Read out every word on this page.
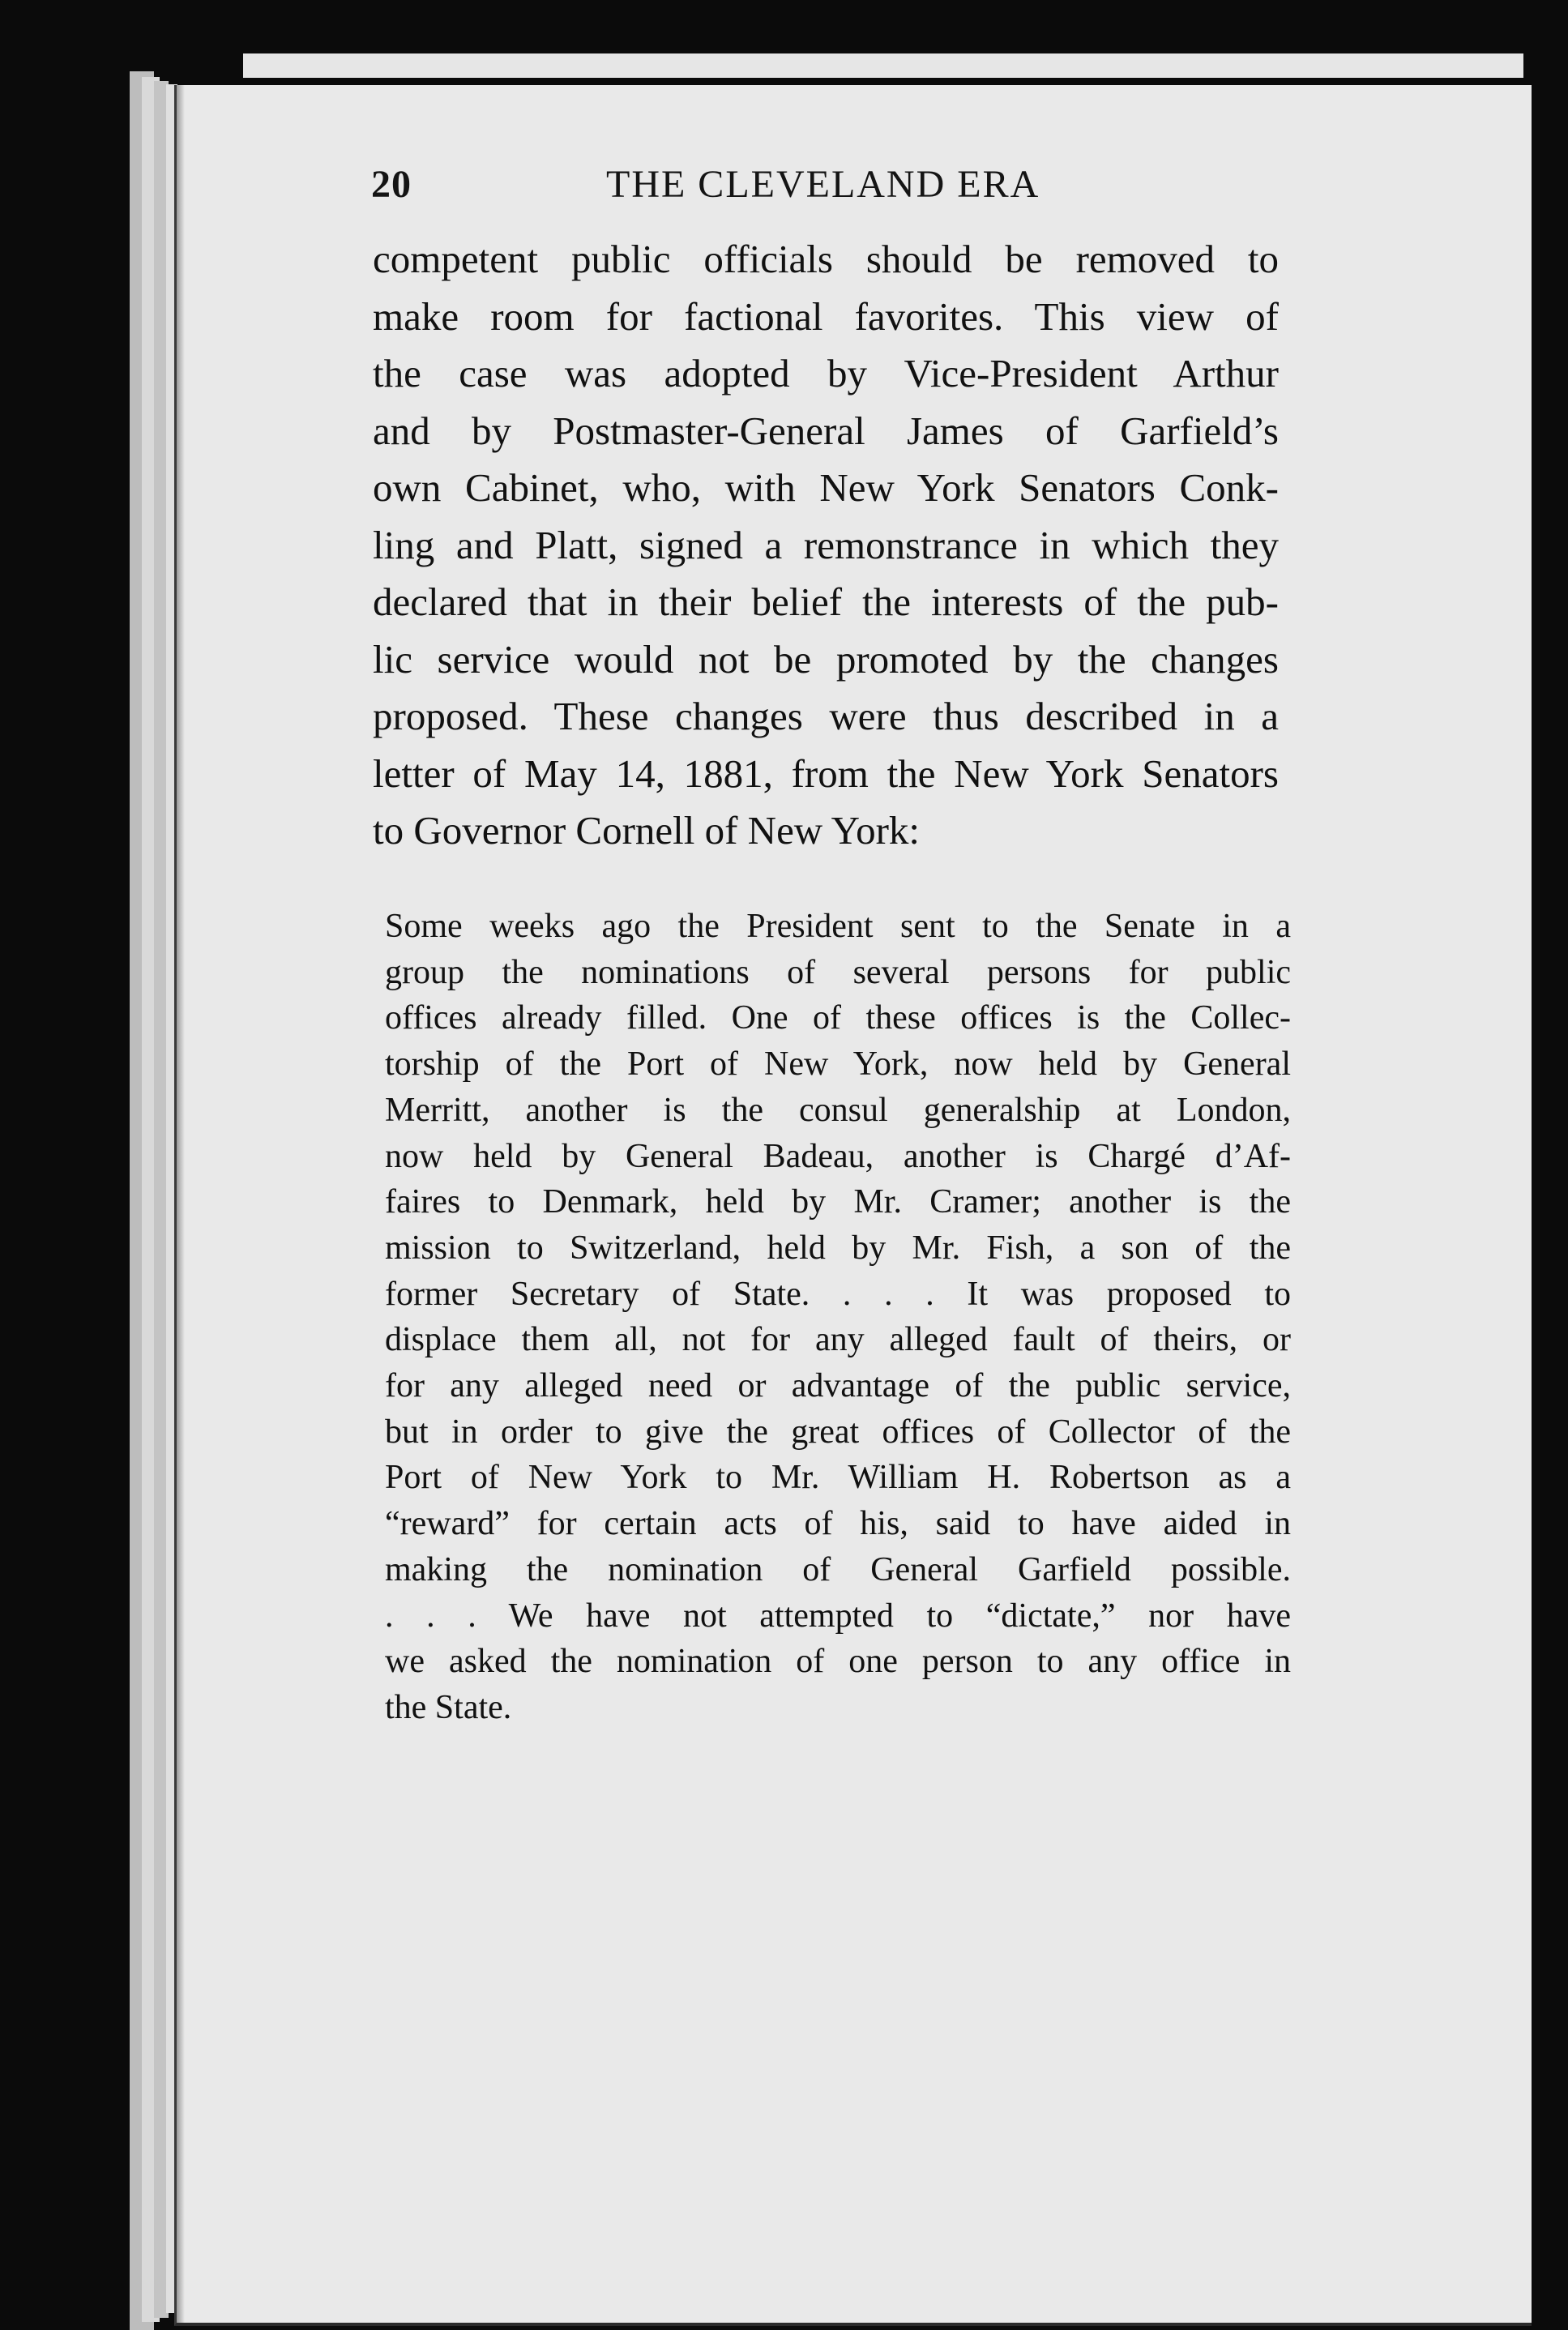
20	THE CLEVELAND ERA
competent public officials should be removed to
make room for factional favorites. This view of
the case was adopted by Vice-President Arthur
and by Postmaster-General James of Garfield’s
own Cabinet, who, with New York Senators Conk-
ling and Platt, signed a remonstrance in which they
declared that in their belief the interests of the pub-
lic service would not be promoted by the changes
proposed. These changes were thus described in a
letter of May 14, 1881, from the New York Senators
to Governor Cornell of New York:
Some weeks ago the President sent to the Senate in a
group the nominations of several persons for public
offices already filled. One of these offices is the Collec-
torship of the Port of New York, now held by General
Merritt, another is the consul generalship at London,
now held by General Badeau, another is Chargé d’Af-
faires to Denmark, held by Mr. Cramer; another is the
mission to Switzerland, held by Mr. Fish, a son of the
former Secretary of State. . . . It was proposed to
displace them all, not for any alleged fault of theirs, or
for any alleged need or advantage of the public service,
but in order to give the great offices of Collector of the
Port of New York to Mr. William H. Robertson as a
“reward” for certain acts of his, said to have aided in
making the nomination of General Garfield possible.
. . . We have not attempted to “dictate,” nor have
we asked the nomination of one person to any office in
the State.
